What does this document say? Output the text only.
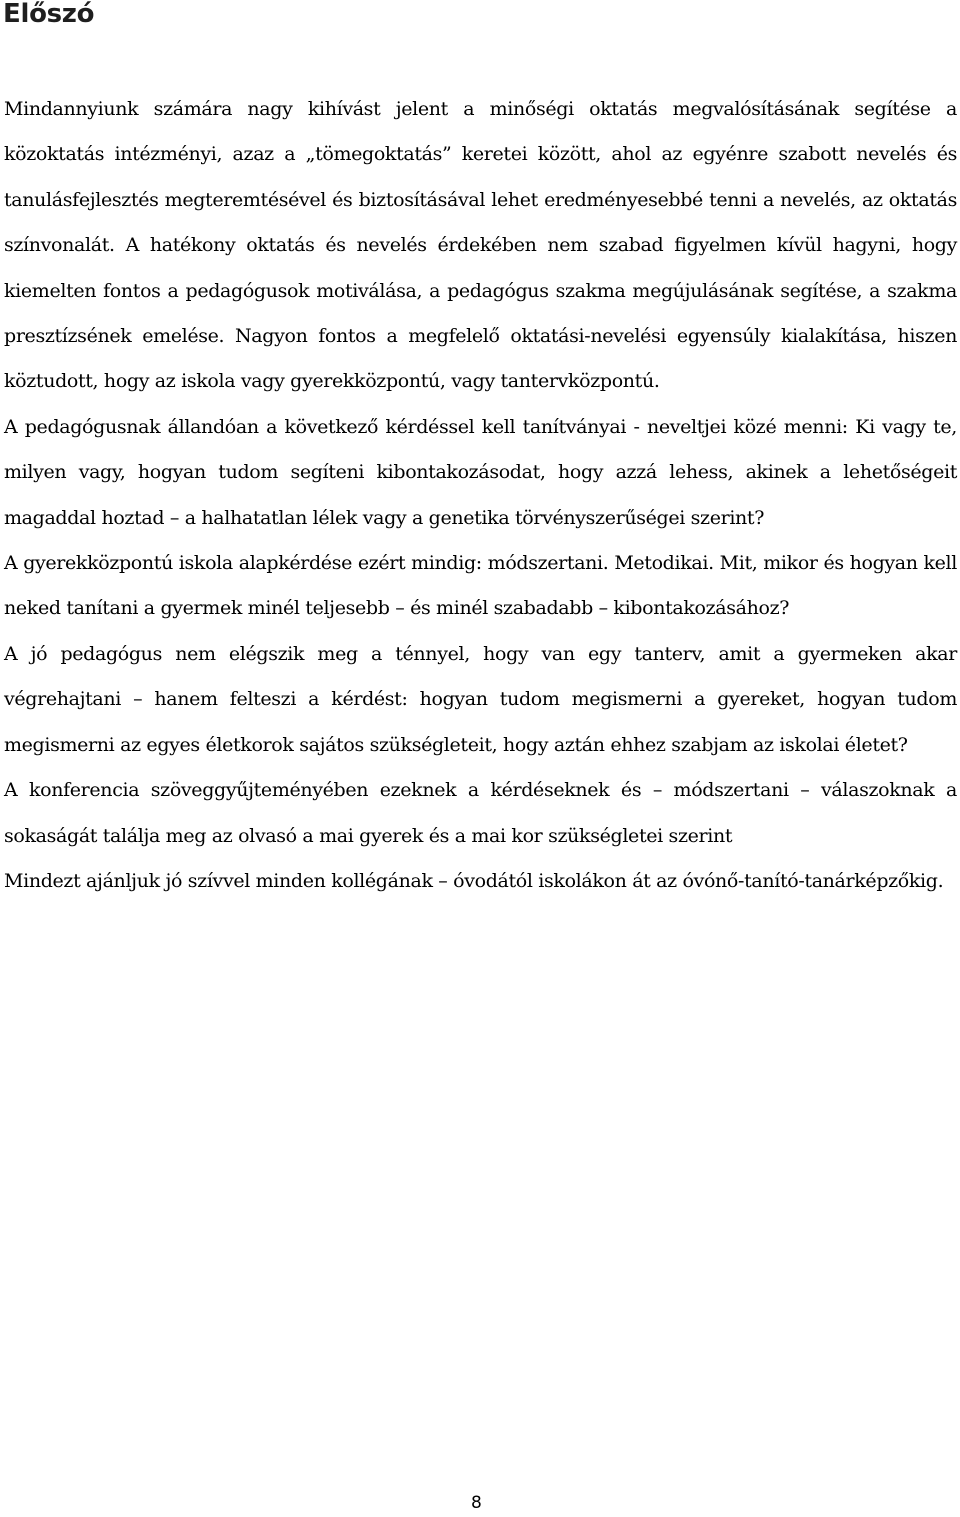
Előszó

Mindannyiunk számára nagy kihívást jelent a minőségi oktatás megvalósításának segítése a közoktatás intézményi, azaz a „tömegoktatás” keretei között, ahol az egyénre szabott nevelés és tanulásfejlesztés megteremtésével és biztosításával lehet eredményesebbé tenni a nevelés, az oktatás színvonalát. A hatékony oktatás és nevelés érdekében nem szabad figyelmen kívül hagyni, hogy kiemelten fontos a pedagógusok motiválása, a pedagógus szakma megújulásának segítése, a szakma presztízsének emelése. Nagyon fontos a megfelelő oktatási-nevelési egyensúly kialakítása, hiszen köztudott, hogy az iskola vagy gyerekközpontú, vagy tantervközpontú.

A pedagógusnak állandóan a következő kérdéssel kell tanítványai - neveltjei közé menni: Ki vagy te, milyen vagy, hogyan tudom segíteni kibontakozásodat, hogy azzá lehess, akinek a lehetőségeit magaddal hoztad – a halhatatlan lélek vagy a genetika törvényszerűségei szerint?

A gyerekközpontú iskola alapkérdése ezért mindig: módszertani. Metodikai. Mit, mikor és hogyan kell neked tanítani a gyermek minél teljesebb – és minél szabadabb – kibontakozásához?

A jó pedagógus nem elégszik meg a ténnyel, hogy van egy tanterv, amit a gyermeken akar végrehajtani – hanem felteszi a kérdést: hogyan tudom megismerni a gyereket, hogyan tudom megismerni az egyes életkorok sajátos szükségleteit, hogy aztán ehhez szabjam az iskolai életet?

A konferencia szöveggyűjteményében ezeknek a kérdéseknek és – módszertani – válaszoknak a sokaságát találja meg az olvasó a mai gyerek és a mai kor szükségletei szerint

Mindezt ajánljuk jó szívvel minden kollégának – óvodától iskolákon át az óvónő-tanító-tanárképzőkig.

8
